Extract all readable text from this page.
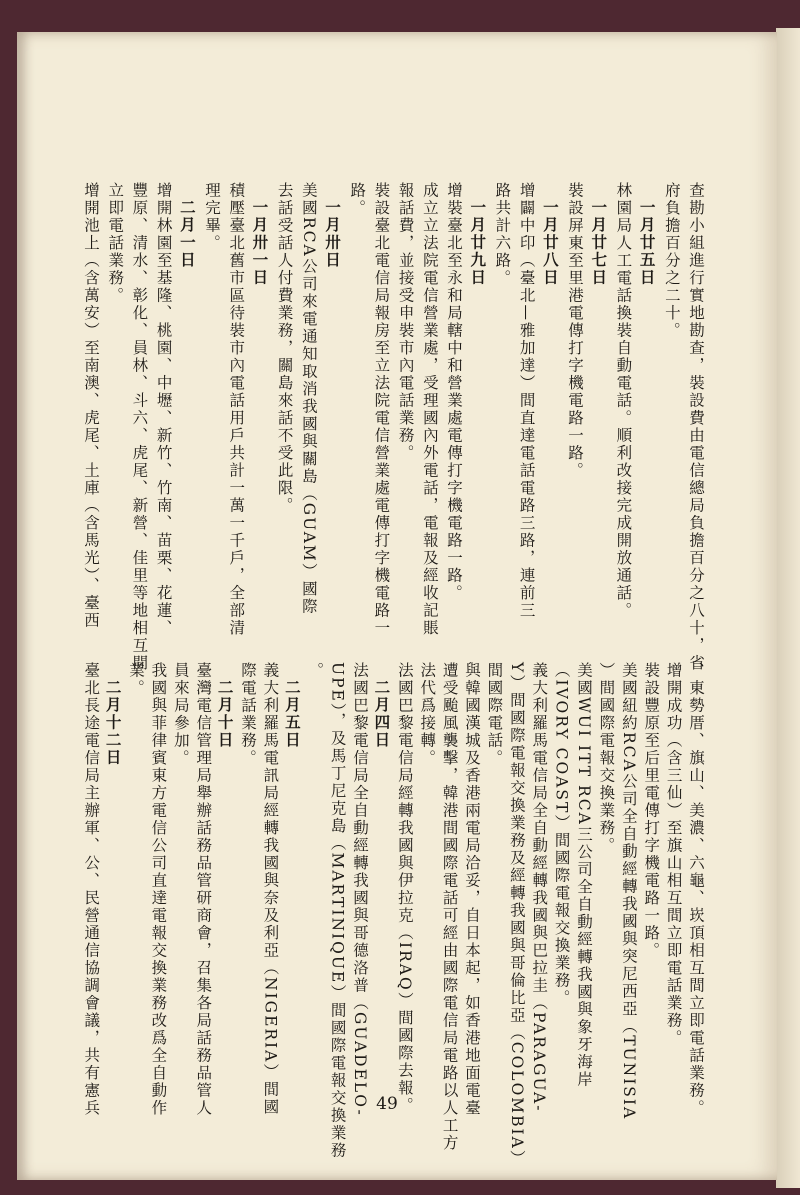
查勘小組進行實地勘查，裝設費由電信總局負擔百分之八十，省
府負擔百分之二十。
一月廿五日
林園局人工電話換裝自動電話。順利改接完成開放通話。
一月廿七日
裝設屏東至里港電傳打字機電路一路。
一月廿八日
增闢中印（臺北—雅加達）間直達電話電路三路，連前三
路共計六路。
一月廿九日
增裝臺北至永和局轄中和營業處電傳打字機電路一路。
成立立法院電信營業處，受理國內外電話，電報及經收記賬
報話費，並接受申裝市內電話業務。
裝設臺北電信局報房至立法院電信營業處電傳打字機電路一
路。
一月卅日
美國RCA公司來電通知取消我國與關島（GUAM）國際
去話受話人付費業務，關島來話不受此限。
一月卅一日
積壓臺北舊市區待裝市內電話用戶共計一萬一千戶，全部清
理完畢。
二月一日
增開林園至基隆、桃園、中壢、新竹、竹南、苗栗、花蓮、
豐原、清水、彰化、員林、斗六、虎尾、新營、佳里等地相互間
立即電話業務。
增開池上（含萬安）至南澳、虎尾、土庫（含馬光）、臺西
、東勢厝、旗山、美濃、六龜、崁頂相互間立即電話業務。
增開成功（含三仙）至旗山相互間立即電話業務。
裝設豐原至后里電傳打字機電路一路。
美國紐約RCA公司全自動經轉我國與突尼西亞（TUNISIA
）間國際電報交換業務。
美國WUI ITT RCA三公司全自動經轉我國與象牙海岸
（IVORY COAST）間國際電報交換業務。
義大利羅馬電信局全自動經轉我國與巴拉圭（PARAGUA-
Y）間國際電報交換業務及經轉我國與哥倫比亞（COLOMBIA）
間國際電話。
與韓國漢城及香港兩電局洽妥，自日本起，如香港地面電臺
遭受颱風襲擊，韓港間國際電話可經由國際電信局電路以人工方
法代爲接轉。
法國巴黎電信局經轉我國與伊拉克（IRAQ）間國際去報。
二月四日
法國巴黎電信局全自動經轉我國與哥德洛普（GUADELO-
UPE），及馬丁尼克島（MARTINIQUE）間國際電報交換業務
。
二月五日
義大利羅馬電訊局經轉我國與奈及利亞（NIGERIA）間國
際電話業務。
二月十日
臺灣電信管理局舉辦話務品管研商會，召集各局話務品管人
員來局參加。
我國與菲律賓東方電信公司直達電報交換業務改爲全自動作
業。
二月十二日
臺北長途電信局主辦軍、公、民營通信協調會議，共有憲兵	49
